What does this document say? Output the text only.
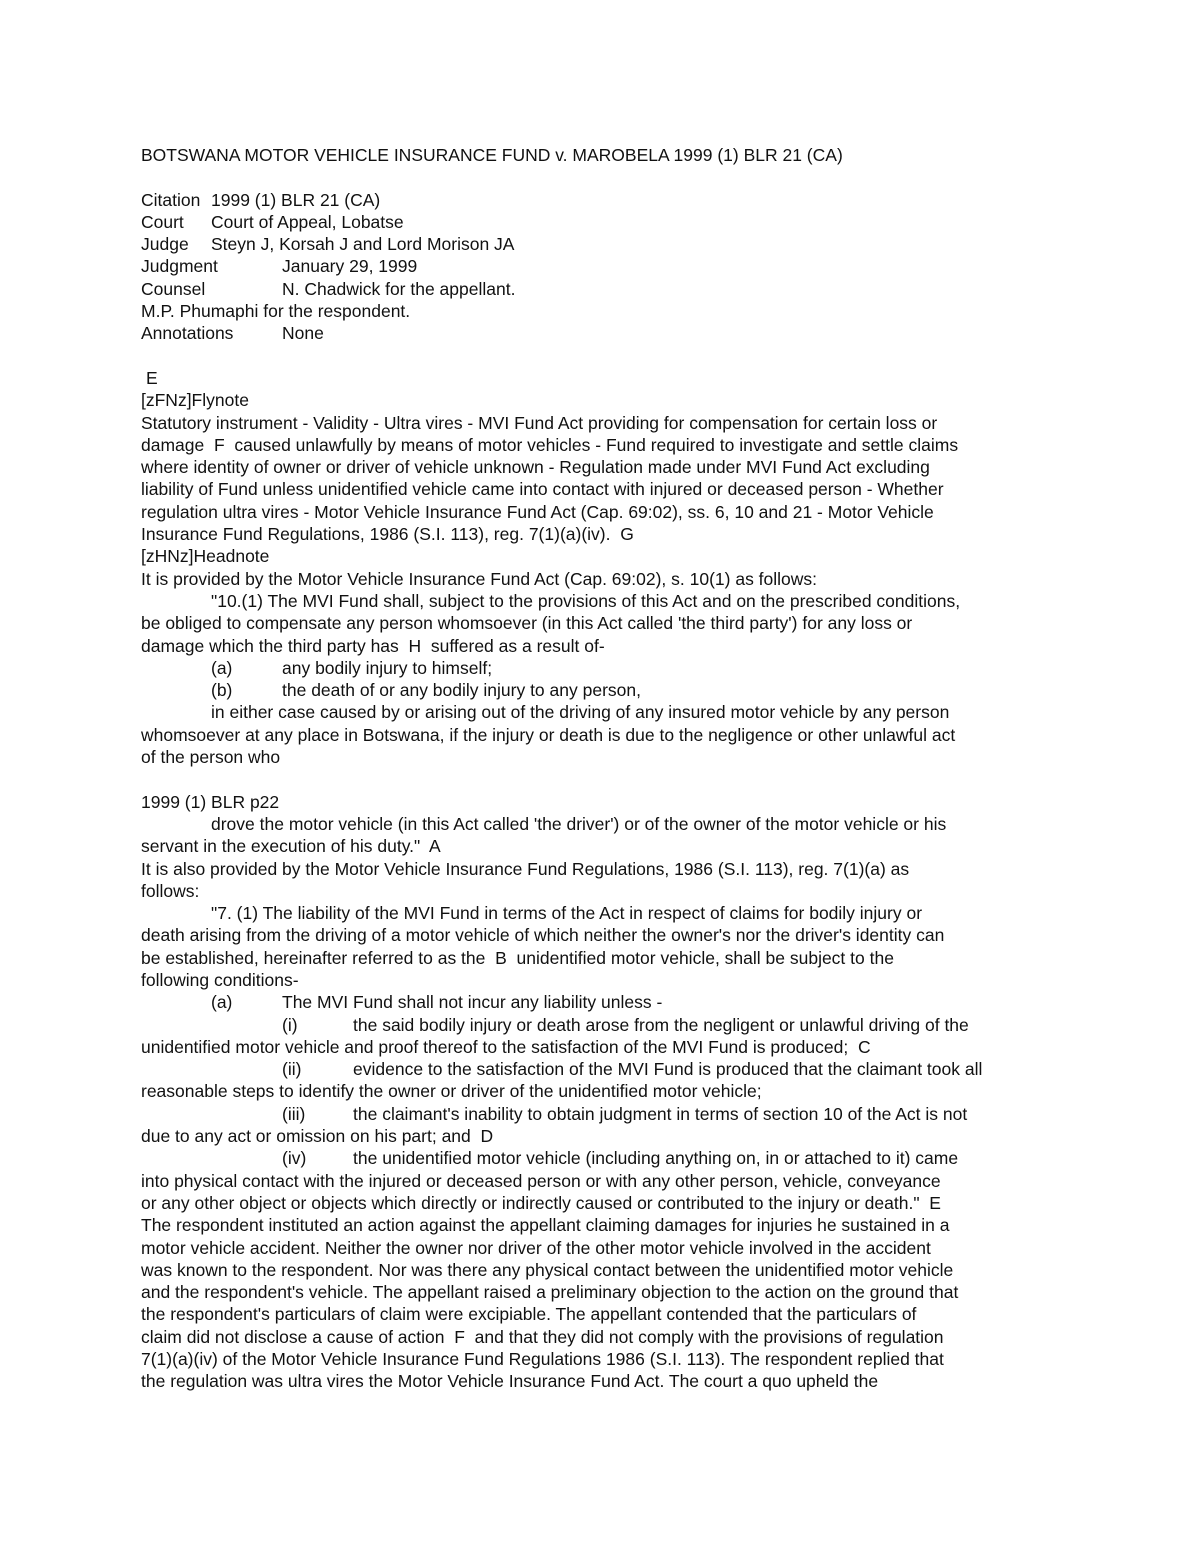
BOTSWANA MOTOR VEHICLE INSURANCE FUND v. MAROBELA 1999 (1) BLR 21 (CA)
Citation 1999 (1) BLR 21 (CA)
Court	Court of Appeal, Lobatse
Judge	Steyn J, Korsah J and Lord Morison JA
Judgment	January 29, 1999
Counsel	N. Chadwick for the appellant.
M.P. Phumaphi for the respondent.
Annotations	None
E
[zFNz]Flynote
Statutory instrument - Validity - Ultra vires - MVI Fund Act providing for compensation for certain loss or
damage  F  caused unlawfully by means of motor vehicles - Fund required to investigate and settle claims
where identity of owner or driver of vehicle unknown - Regulation made under MVI Fund Act excluding
liability of Fund unless unidentified vehicle came into contact with injured or deceased person - Whether
regulation ultra vires - Motor Vehicle Insurance Fund Act (Cap. 69:02), ss. 6, 10 and 21 - Motor Vehicle
Insurance Fund Regulations, 1986 (S.I. 113), reg. 7(1)(a)(iv).  G
[zHNz]Headnote
It is provided by the Motor Vehicle Insurance Fund Act (Cap. 69:02), s. 10(1) as follows:
"10.(1) The MVI Fund shall, subject to the provisions of this Act and on the prescribed conditions,
be obliged to compensate any person whomsoever (in this Act called 'the third party') for any loss or
damage which the third party has  H  suffered as a result of-
(a)	any bodily injury to himself;
(b)	the death of or any bodily injury to any person,
in either case caused by or arising out of the driving of any insured motor vehicle by any person
whomsoever at any place in Botswana, if the injury or death is due to the negligence or other unlawful act
of the person who
1999 (1) BLR p22
drove the motor vehicle (in this Act called 'the driver') or of the owner of the motor vehicle or his
servant in the execution of his duty."  A
It is also provided by the Motor Vehicle Insurance Fund Regulations, 1986 (S.I. 113), reg. 7(1)(a) as
follows:
"7. (1) The liability of the MVI Fund in terms of the Act in respect of claims for bodily injury or
death arising from the driving of a motor vehicle of which neither the owner's nor the driver's identity can
be established, hereinafter referred to as the  B  unidentified motor vehicle, shall be subject to the
following conditions-
(a)	The MVI Fund shall not incur any liability unless -
(i)	the said bodily injury or death arose from the negligent or unlawful driving of the
unidentified motor vehicle and proof thereof to the satisfaction of the MVI Fund is produced;  C
(ii)	evidence to the satisfaction of the MVI Fund is produced that the claimant took all
reasonable steps to identify the owner or driver of the unidentified motor vehicle;
(iii)	the claimant's inability to obtain judgment in terms of section 10 of the Act is not
due to any act or omission on his part; and  D
(iv)	the unidentified motor vehicle (including anything on, in or attached to it) came
into physical contact with the injured or deceased person or with any other person, vehicle, conveyance
or any other object or objects which directly or indirectly caused or contributed to the injury or death."  E
The respondent instituted an action against the appellant claiming damages for injuries he sustained in a
motor vehicle accident. Neither the owner nor driver of the other motor vehicle involved in the accident
was known to the respondent. Nor was there any physical contact between the unidentified motor vehicle
and the respondent's vehicle. The appellant raised a preliminary objection to the action on the ground that
the respondent's particulars of claim were excipiable. The appellant contended that the particulars of
claim did not disclose a cause of action  F  and that they did not comply with the provisions of regulation
7(1)(a)(iv) of the Motor Vehicle Insurance Fund Regulations 1986 (S.I. 113). The respondent replied that
the regulation was ultra vires the Motor Vehicle Insurance Fund Act. The court a quo upheld the
